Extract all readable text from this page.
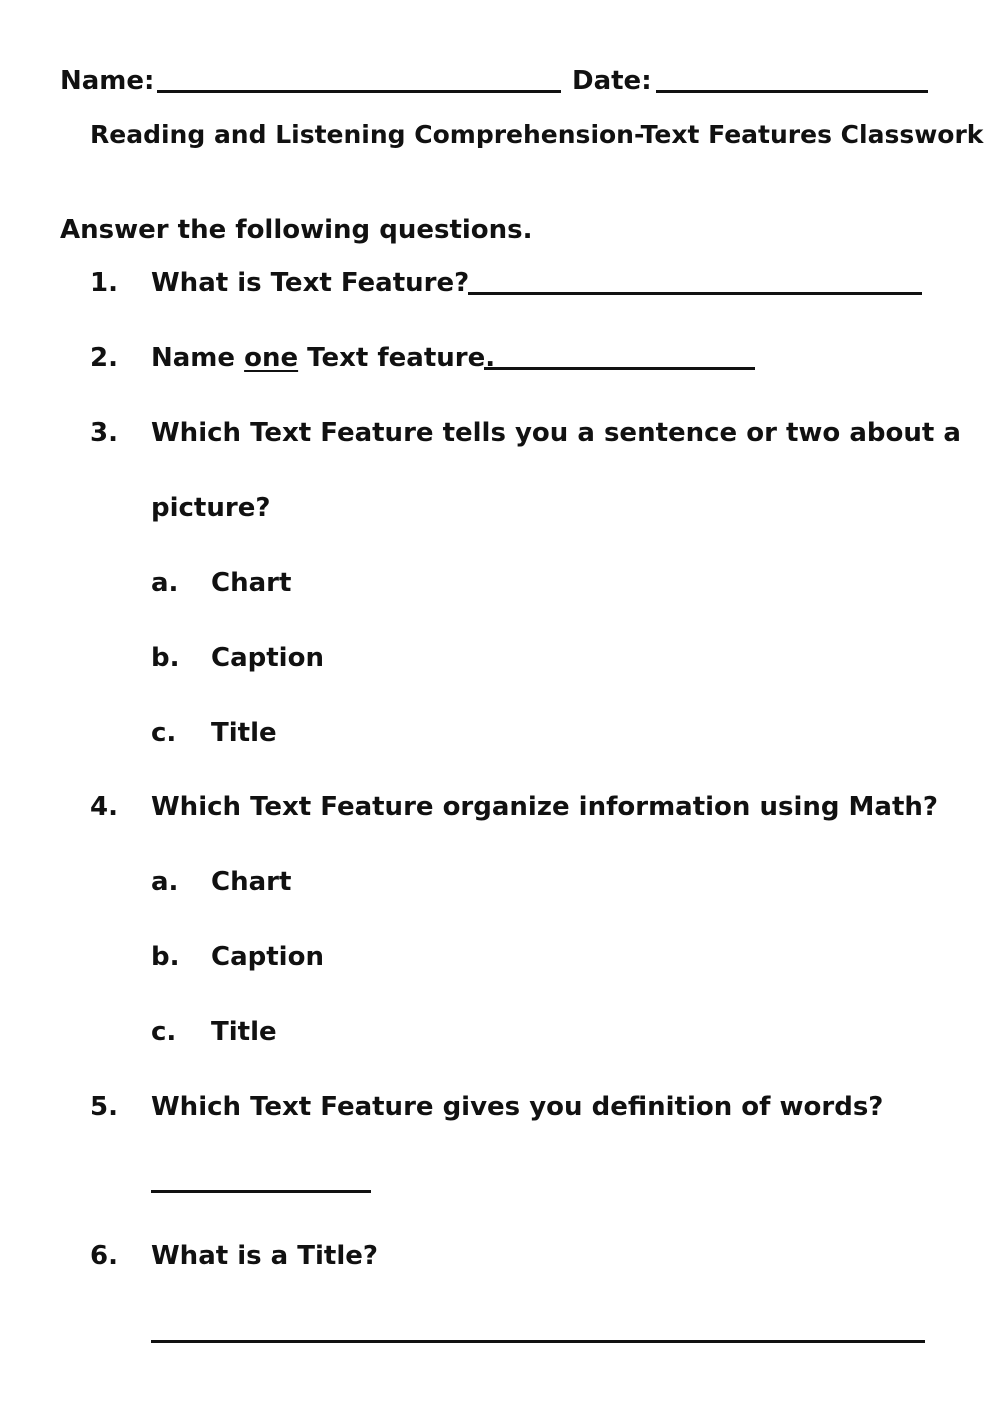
Name:	Date:
Reading and Listening Comprehension-Text Features Classwork
Answer the following questions.
1. What is Text Feature?
2. Name one Text feature.
3. Which Text Feature tells you a sentence or two about a
picture?
a. Chart
b. Caption
c. Title
4. Which Text Feature organize information using Math?
a. Chart
b. Caption
c. Title
5. Which Text Feature gives you definition of words?
6. What is a Title?
